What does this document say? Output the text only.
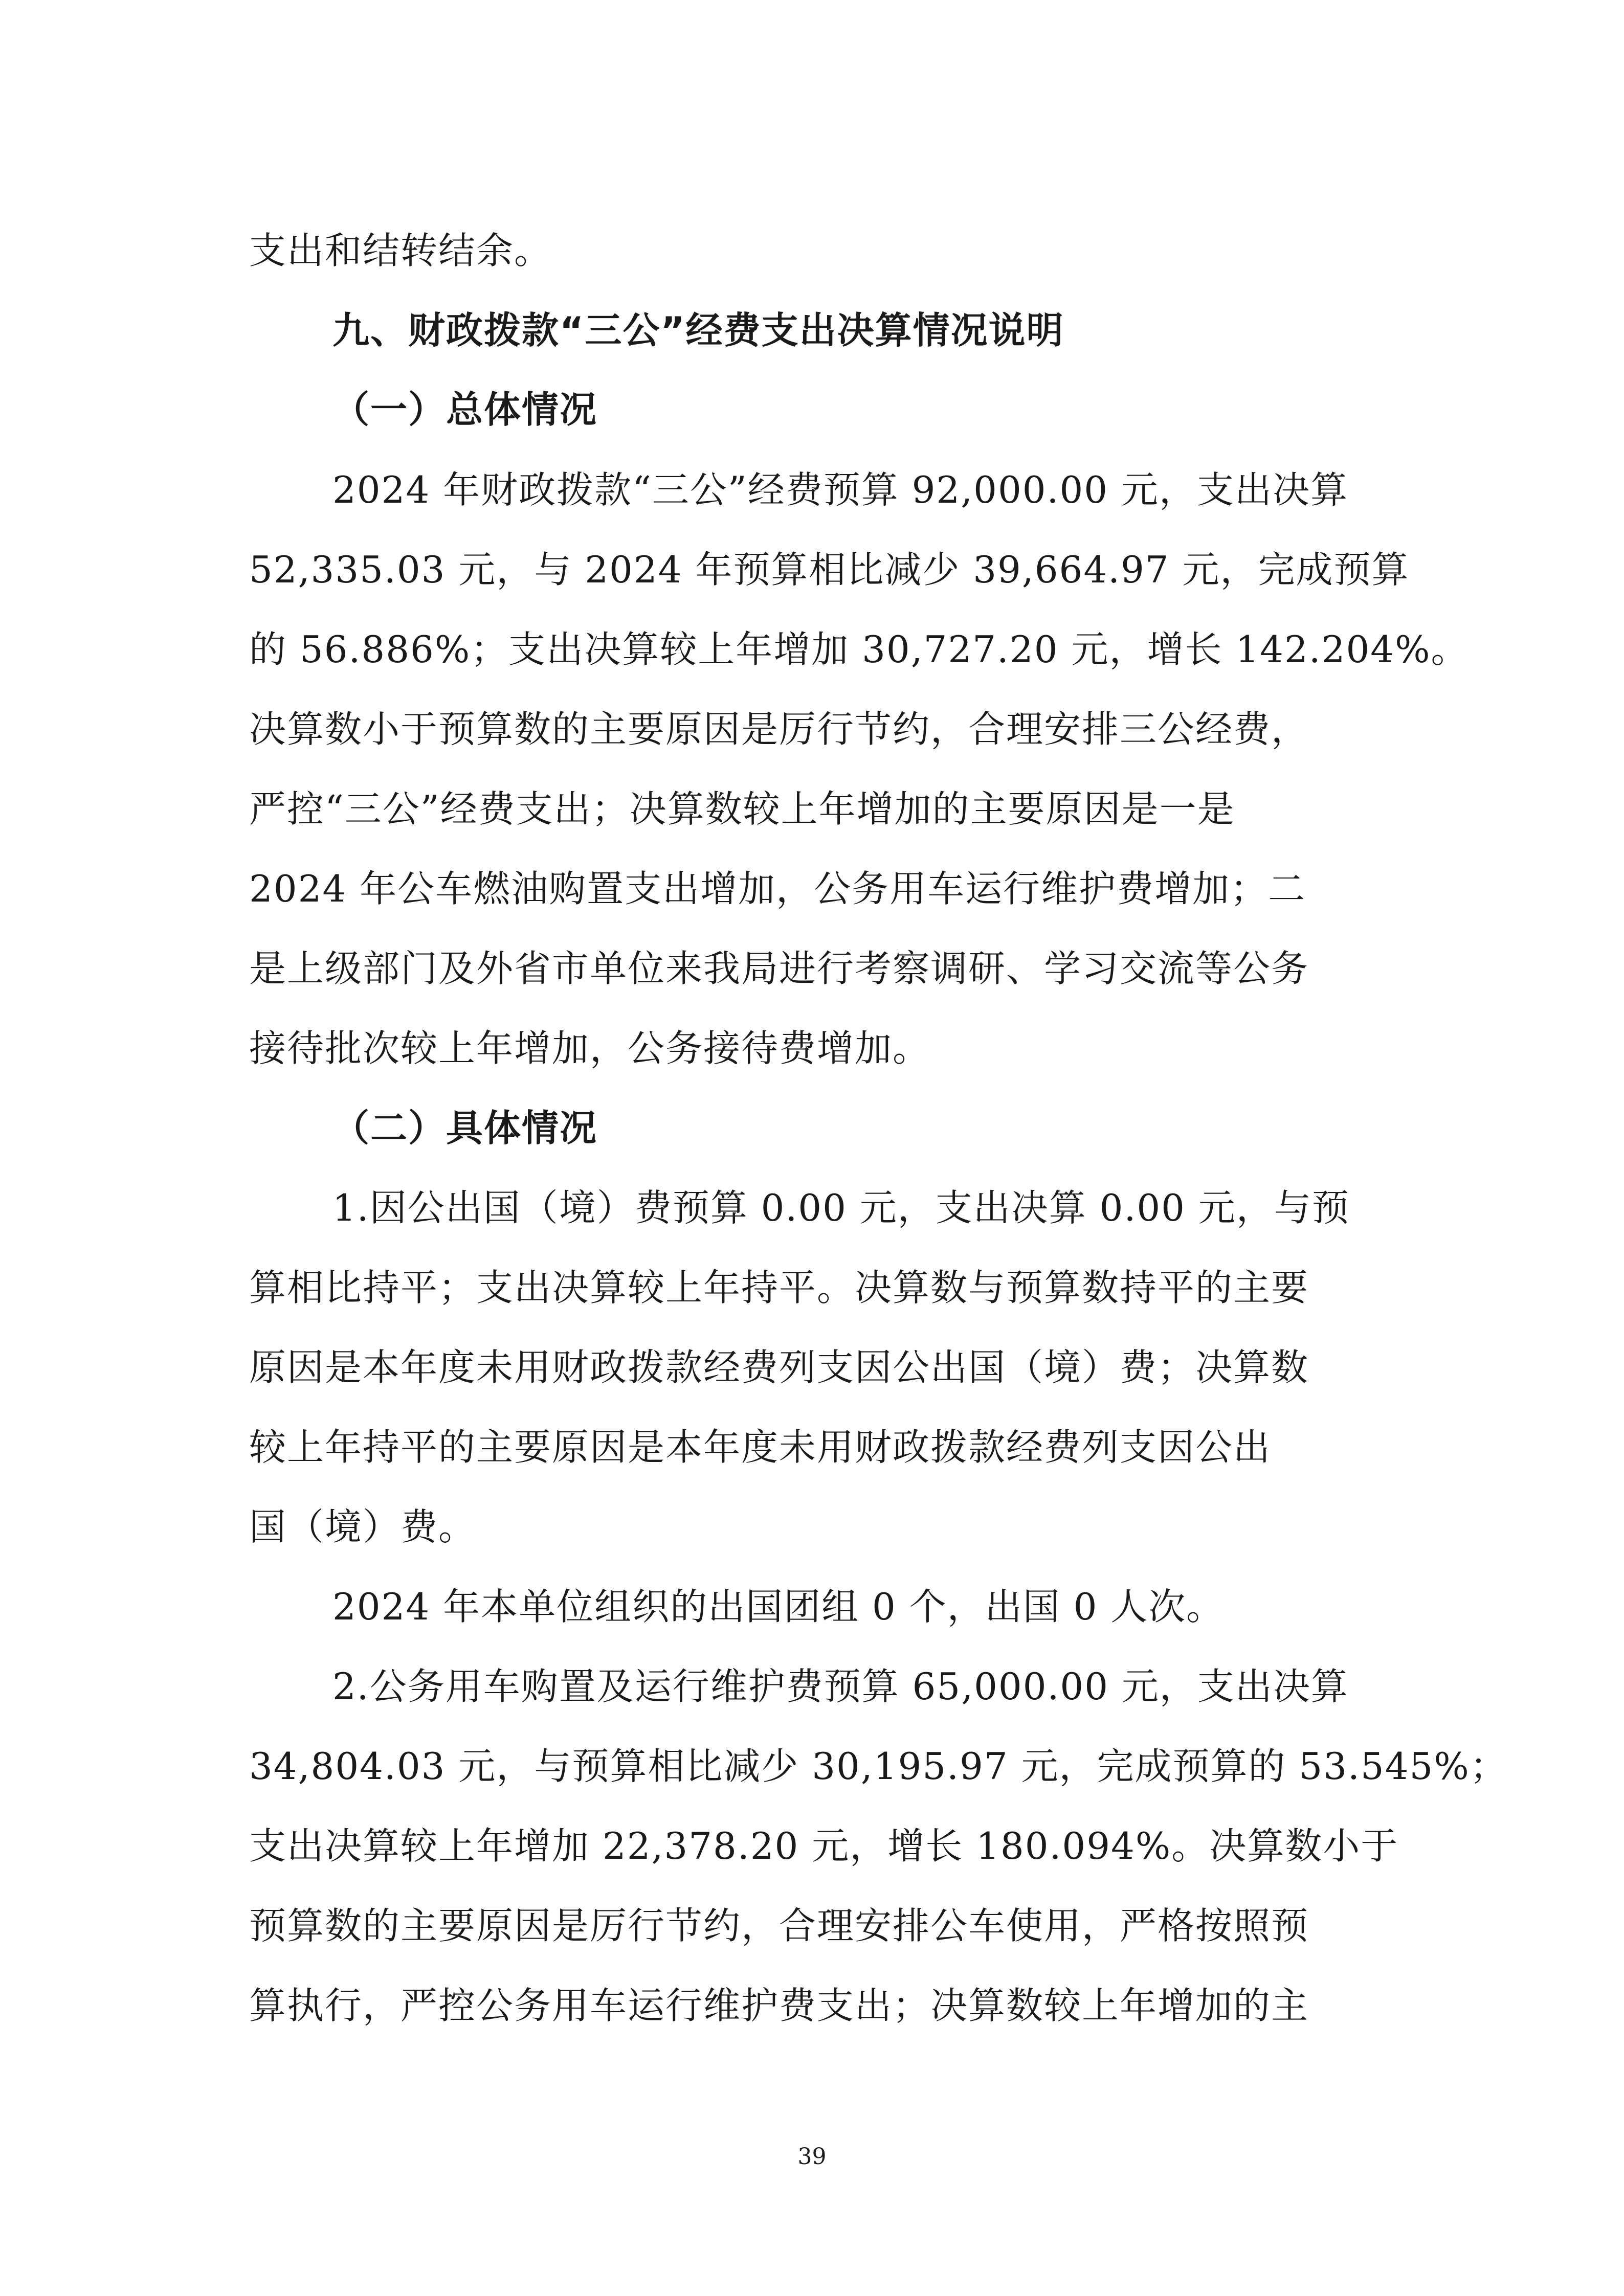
支出和结转结余。
九、财政拨款“三公”经费支出决算情况说明
（一）总体情况
2024 年财政拨款“三公”经费预算 92,000.00 元，支出决算
52,335.03 元，与 2024 年预算相比减少 39,664.97 元，完成预算
的 56.886%；支出决算较上年增加 30,727.20 元，增长 142.204%。
决算数小于预算数的主要原因是厉行节约，合理安排三公经费，
严控“三公”经费支出；决算数较上年增加的主要原因是一是
2024 年公车燃油购置支出增加，公务用车运行维护费增加；二
是上级部门及外省市单位来我局进行考察调研、学习交流等公务
接待批次较上年增加，公务接待费增加。
（二）具体情况
1.因公出国（境）费预算 0.00 元，支出决算 0.00 元，与预
算相比持平；支出决算较上年持平。决算数与预算数持平的主要
原因是本年度未用财政拨款经费列支因公出国（境）费；决算数
较上年持平的主要原因是本年度未用财政拨款经费列支因公出
国（境）费。
2024 年本单位组织的出国团组 0 个，出国 0 人次。
2.公务用车购置及运行维护费预算 65,000.00 元，支出决算
34,804.03 元，与预算相比减少 30,195.97 元，完成预算的 53.545%；
支出决算较上年增加 22,378.20 元，增长 180.094%。决算数小于
预算数的主要原因是厉行节约，合理安排公车使用，严格按照预
算执行，严控公务用车运行维护费支出；决算数较上年增加的主
39
